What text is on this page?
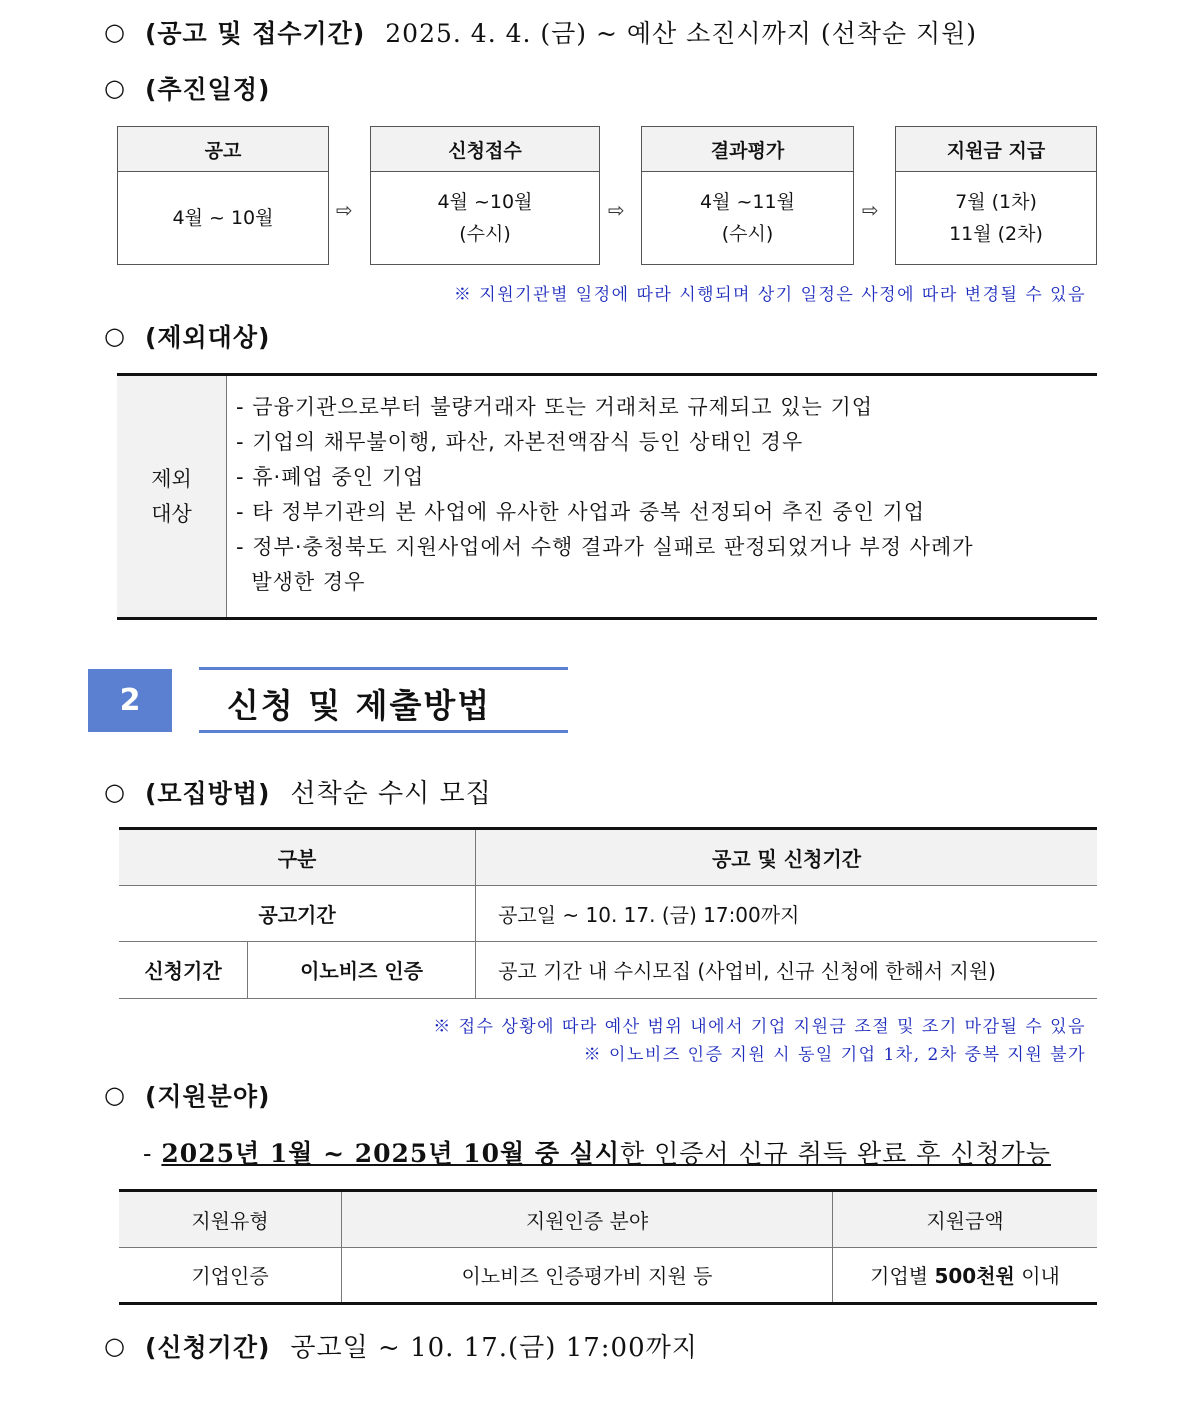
○ (공고 및 접수기간) 2025. 4. 4. (금) ~ 예산 소진시까지 (선착순 지원)
○ (추진일정)
공고
4월 ~ 10월	⇨
신청접수
4월 ~10월
(수시)
⇨
결과평가
4월 ~11월
(수시)
⇨
지원금 지급
7월 (1차)
11월 (2차)
※ 지원기관별 일정에 따라 시행되며 상기 일정은 사정에 따라 변경될 수 있음
○ (제외대상)
제외
대상
- 금융기관으로부터 불량거래자 또는 거래처로 규제되고 있는 기업
- 기업의 채무불이행, 파산, 자본전액잠식 등인 상태인 경우
- 휴·폐업 중인 기업
- 타 정부기관의 본 사업에 유사한 사업과 중복 선정되어 추진 중인 기업
- 정부·충청북도 지원사업에서 수행 결과가 실패로 판정되었거나 부정 사례가
발생한 경우
2	신청 및 제출방법
○ (모집방법) 선착순 수시 모집
구분		공고 및 신청기간
공고기간		공고일 ~ 10. 17. (금) 17:00까지
신청기간	이노비즈 인증	공고 기간 내 수시모집 (사업비, 신규 신청에 한해서 지원)
※ 접수 상황에 따라 예산 범위 내에서 기업 지원금 조절 및 조기 마감될 수 있음
※ 이노비즈 인증 지원 시 동일 기업 1차, 2차 중복 지원 불가
○ (지원분야)
- 2025년 1월 ~ 2025년 10월 중 실시한 인증서 신규 취득 완료 후 신청가능
지원유형	지원인증 분야	지원금액
기업인증	이노비즈 인증평가비 지원 등	기업별 500천원 이내
○ (신청기간) 공고일 ~ 10. 17.(금) 17:00까지
